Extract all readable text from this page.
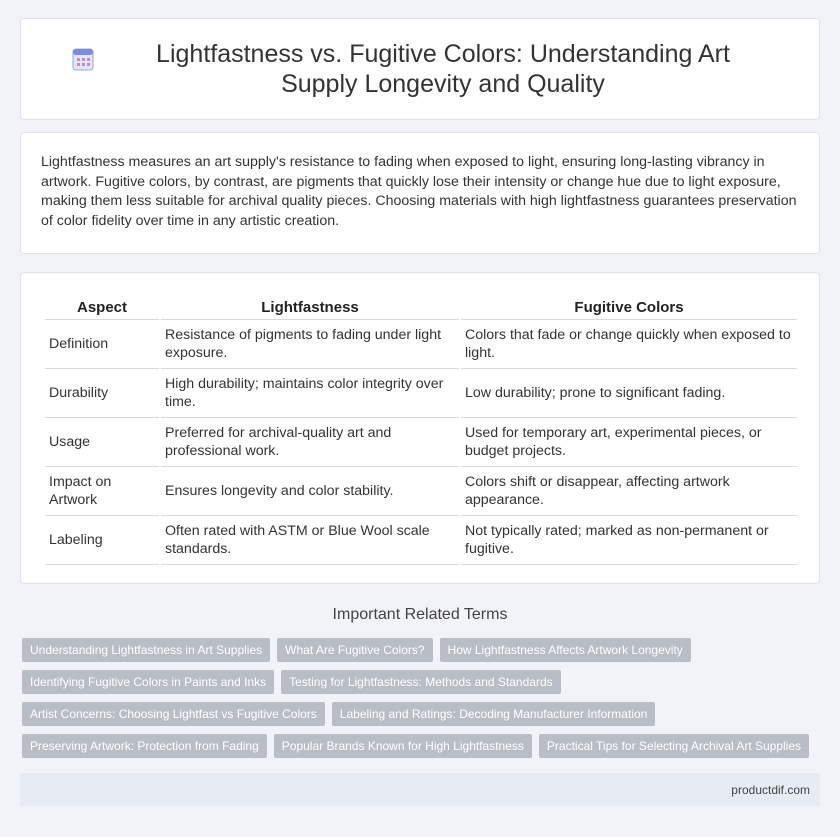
Lightfastness vs. Fugitive Colors: Understanding Art Supply Longevity and Quality

Lightfastness measures an art supply's resistance to fading when exposed to light, ensuring long-lasting vibrancy in artwork. Fugitive colors, by contrast, are pigments that quickly lose their intensity or change hue due to light exposure, making them less suitable for archival quality pieces. Choosing materials with high lightfastness guarantees preservation of color fidelity over time in any artistic creation.

Aspect	Lightfastness	Fugitive Colors
Definition	Resistance of pigments to fading under light exposure.	Colors that fade or change quickly when exposed to light.
Durability	High durability; maintains color integrity over time.	Low durability; prone to significant fading.
Usage	Preferred for archival-quality art and professional work.	Used for temporary art, experimental pieces, or budget projects.
Impact on Artwork	Ensures longevity and color stability.	Colors shift or disappear, affecting artwork appearance.
Labeling	Often rated with ASTM or Blue Wool scale standards.	Not typically rated; marked as non-permanent or fugitive.
Important Related Terms
Understanding Lightfastness in Art Supplies	What Are Fugitive Colors?	How Lightfastness Affects Artwork Longevity
Identifying Fugitive Colors in Paints and Inks	Testing for Lightfastness: Methods and Standards
Artist Concerns: Choosing Lightfast vs Fugitive Colors	Labeling and Ratings: Decoding Manufacturer Information
Preserving Artwork: Protection from Fading	Popular Brands Known for High Lightfastness	Practical Tips for Selecting Archival Art Supplies
productdif.com
